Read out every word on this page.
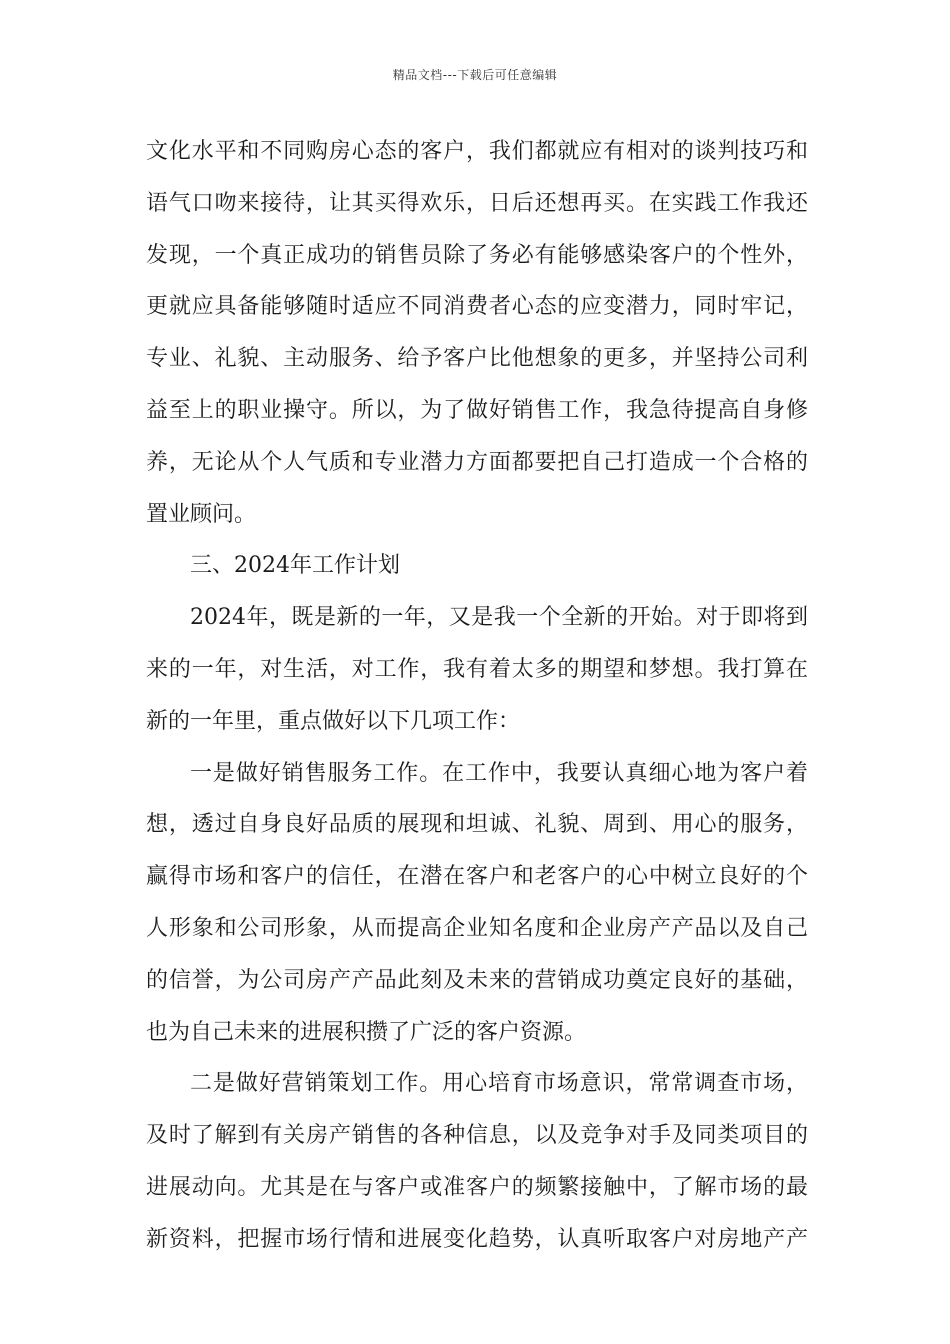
精品文档---下载后可任意编辑
文化水平和不同购房心态的客户，我们都就应有相对的谈判技巧和
语气口吻来接待，让其买得欢乐，日后还想再买。在实践工作我还
发现，一个真正成功的销售员除了务必有能够感染客户的个性外，
更就应具备能够随时适应不同消费者心态的应变潜力，同时牢记，
专业、礼貌、主动服务、给予客户比他想象的更多，并坚持公司利
益至上的职业操守。所以，为了做好销售工作，我急待提高自身修
养，无论从个人气质和专业潜力方面都要把自己打造成一个合格的
置业顾问。
三、2024年工作计划
2024年，既是新的一年，又是我一个全新的开始。对于即将到
来的一年，对生活，对工作，我有着太多的期望和梦想。我打算在
新的一年里，重点做好以下几项工作：
一是做好销售服务工作。在工作中，我要认真细心地为客户着
想，透过自身良好品质的展现和坦诚、礼貌、周到、用心的服务，
赢得市场和客户的信任，在潜在客户和老客户的心中树立良好的个
人形象和公司形象，从而提高企业知名度和企业房产产品以及自己
的信誉，为公司房产产品此刻及未来的营销成功奠定良好的基础，
也为自己未来的进展积攒了广泛的客户资源。
二是做好营销策划工作。用心培育市场意识，常常调查市场，
及时了解到有关房产销售的各种信息，以及竞争对手及同类项目的
进展动向。尤其是在与客户或准客户的频繁接触中，了解市场的最
新资料，把握市场行情和进展变化趋势，认真听取客户对房地产产
